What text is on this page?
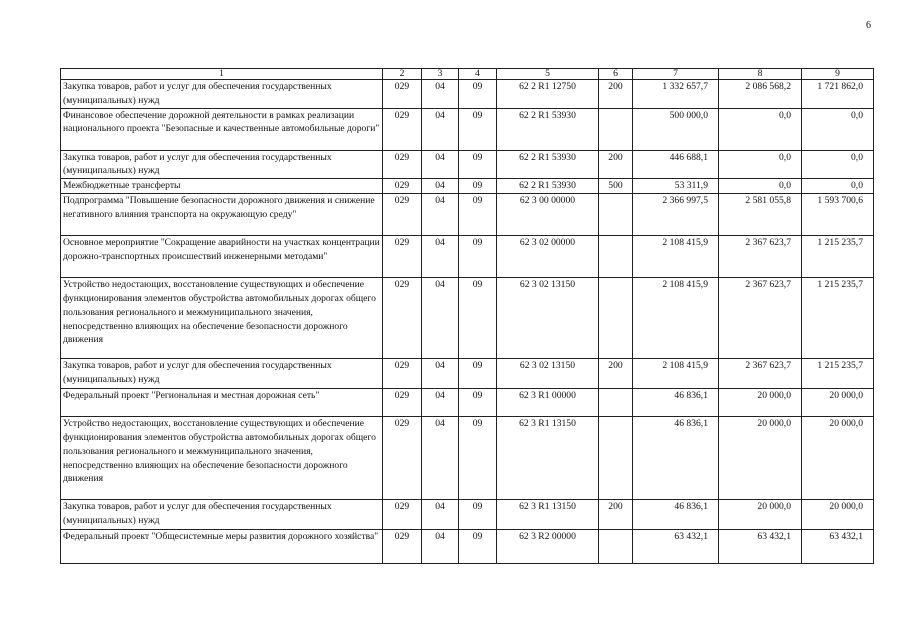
6
1	2	3	4	5	6	7	8	9
Закупка товаров, работ и услуг для обеспечения государственных (муниципальных) нужд	029	04	09	62 2 R1 12750	200	1 332 657,7	2 086 568,2	1 721 862,0
Финансовое обеспечение дорожной деятельности в рамках реализации национального проекта "Безопасные и качественные автомобильные дороги"	029	04	09	62 2 R1 53930		500 000,0	0,0	0,0
Закупка товаров, работ и услуг для обеспечения государственных (муниципальных) нужд	029	04	09	62 2 R1 53930	200	446 688,1	0,0	0,0
Межбюджетные трансферты	029	04	09	62 2 R1 53930	500	53 311,9	0,0	0,0
Подпрограмма "Повышение безопасности дорожного движения и снижение негативного влияния транспорта на окружающую среду"	029	04	09	62 3 00 00000		2 366 997,5	2 581 055,8	1 593 700,6
Основное мероприятие "Сокращение аварийности на участках концентрации дорожно-транспортных происшествий инженерными методами"	029	04	09	62 3 02 00000		2 108 415,9	2 367 623,7	1 215 235,7
Устройство недостающих, восстановление существующих и обеспечение функционирования элементов обустройства автомобильных дорогах общего пользования регионального и межмуниципального значения, непосредственно влияющих на обеспечение безопасности дорожного движения	029	04	09	62 3 02 13150		2 108 415,9	2 367 623,7	1 215 235,7
Закупка товаров, работ и услуг для обеспечения государственных (муниципальных) нужд	029	04	09	62 3 02 13150	200	2 108 415,9	2 367 623,7	1 215 235,7
Федеральный проект "Региональная и местная дорожная сеть"	029	04	09	62 3 R1 00000		46 836,1	20 000,0	20 000,0
Устройство недостающих, восстановление существующих и обеспечение функционирования элементов обустройства автомобильных дорогах общего пользования регионального и межмуниципального значения, непосредственно влияющих на обеспечение безопасности дорожного движения	029	04	09	62 3 R1 13150		46 836,1	20 000,0	20 000,0
Закупка товаров, работ и услуг для обеспечения государственных (муниципальных) нужд	029	04	09	62 3 R1 13150	200	46 836,1	20 000,0	20 000,0
Федеральный проект "Общесистемные меры развития дорожного хозяйства"	029	04	09	62 3 R2 00000		63 432,1	63 432,1	63 432,1
